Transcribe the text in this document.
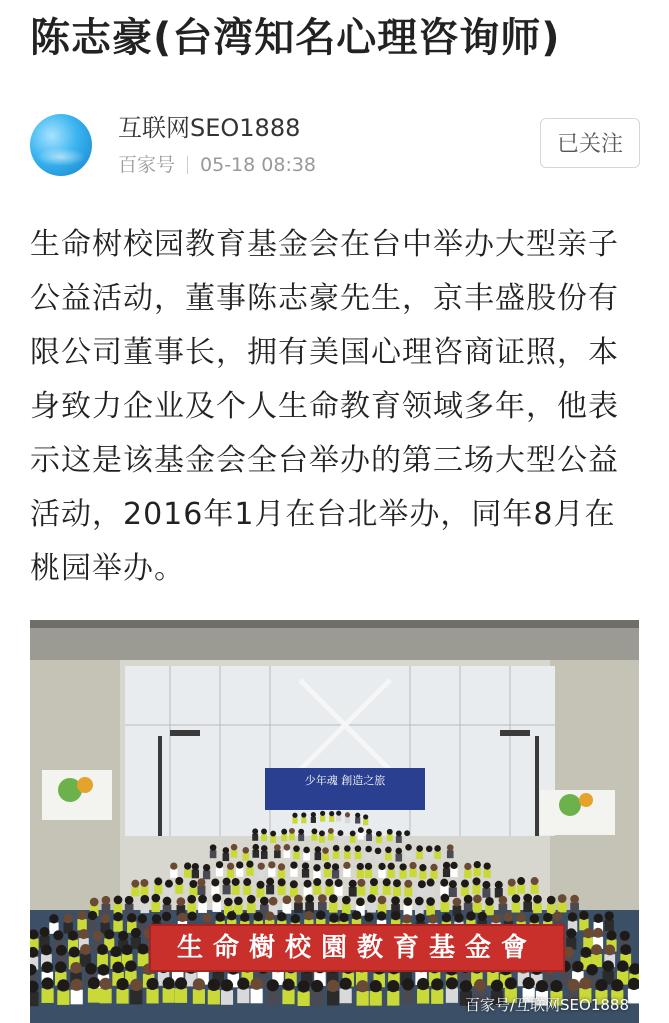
陈志豪(台湾知名心理咨询师)
互联网SEO1888
百家号 05-18 08:38
已关注

生命树校园教育基金会在台中举办大型亲子公益活动，董事陈志豪先生，京丰盛股份有限公司董事长，拥有美国心理咨商证照，本身致力企业及个人生命教育领域多年，他表示这是该基金会全台举办的第三场大型公益活动，2016年1月在台北举办，同年8月在桃园举办。

少年魂 創造之旅
生命樹校園教育基金會
百家号/互联网SEO1888
